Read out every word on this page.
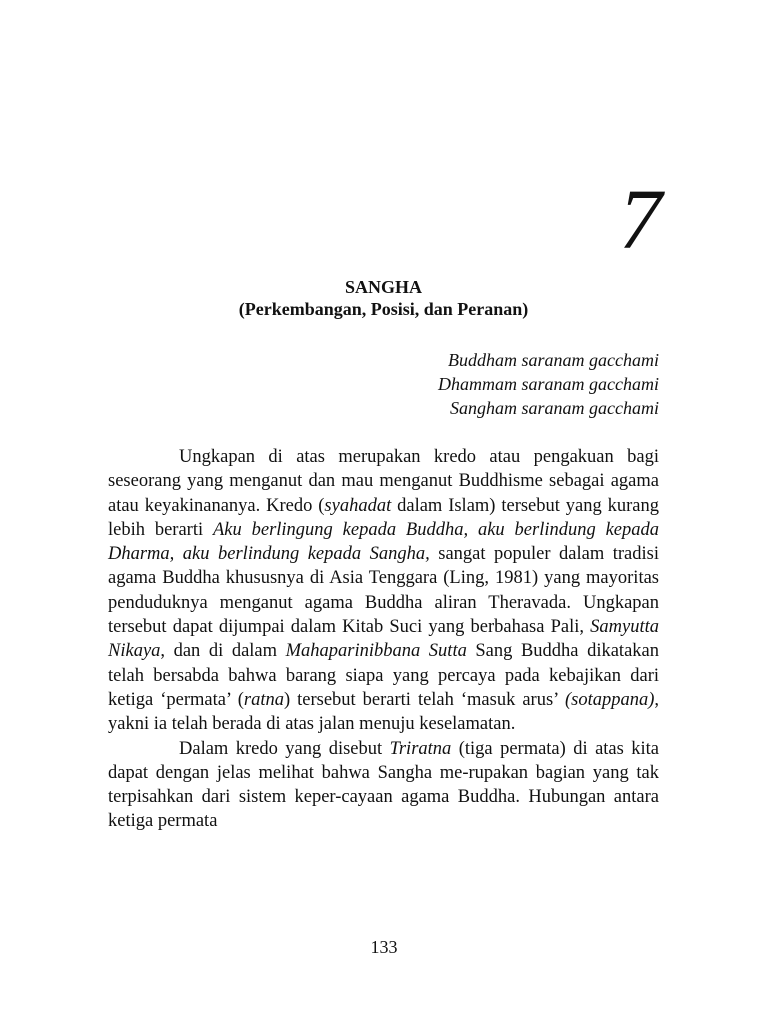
7
SANGHA
(Perkembangan, Posisi, dan Peranan)
Buddham saranam gacchami
Dhammam saranam gacchami
Sangham saranam gacchami

Ungkapan di atas merupakan kredo atau pengakuan bagi seseorang yang menganut dan mau menganut Buddhisme sebagai agama atau keyakinananya. Kredo (syahadat dalam Islam) tersebut yang kurang lebih berarti Aku berlingung kepada Buddha, aku berlindung kepada Dharma, aku berlindung kepada Sangha, sangat populer dalam tradisi agama Buddha khususnya di Asia Tenggara (Ling, 1981) yang mayoritas penduduknya menganut agama Buddha aliran Theravada. Ungkapan tersebut dapat dijumpai dalam Kitab Suci yang berbahasa Pali, Samyutta Nikaya, dan di dalam Mahaparinibbana Sutta Sang Buddha dikatakan telah bersabda bahwa barang siapa yang percaya pada kebajikan dari ketiga ‘permata’ (ratna) tersebut berarti telah ‘masuk arus’ (sotappana), yakni ia telah berada di atas jalan menuju keselamatan.

Dalam kredo yang disebut Triratna (tiga permata) di atas kita dapat dengan jelas melihat bahwa Sangha me-rupakan bagian yang tak terpisahkan dari sistem keper-cayaan agama Buddha. Hubungan antara ketiga permata

133
